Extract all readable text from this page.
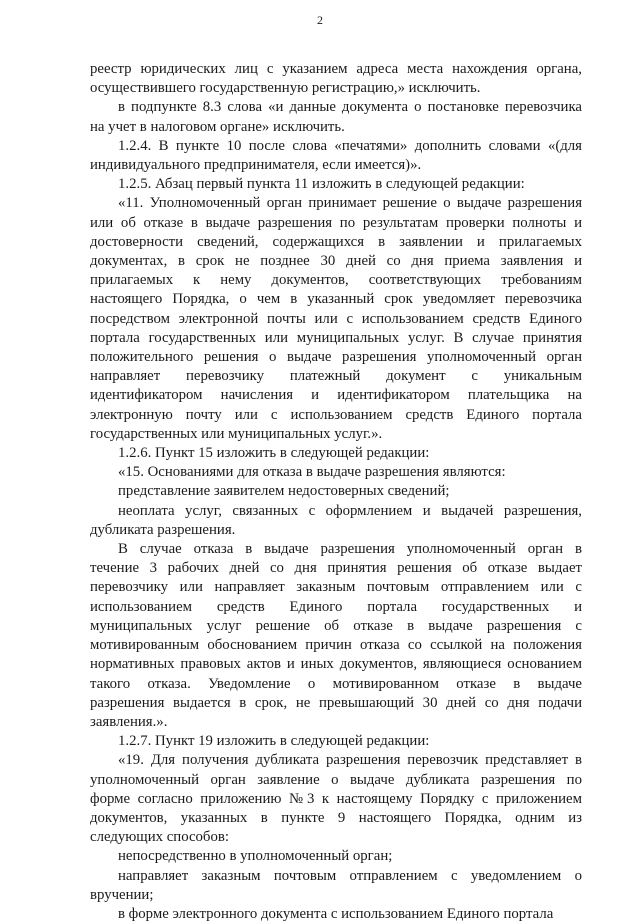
2
реестр юридических лиц с указанием адреса места нахождения органа,
осуществившего государственную регистрацию,» исключить.
в подпункте 8.3 слова «и данные документа о постановке перевозчика
на учет в налоговом органе» исключить.
1.2.4. В пункте 10 после слова «печатями» дополнить словами «(для
индивидуального предпринимателя, если имеется)».
1.2.5. Абзац первый пункта 11 изложить в следующей редакции:
«11. Уполномоченный орган принимает решение о выдаче разрешения
или об отказе в выдаче разрешения по результатам проверки полноты и
достоверности сведений, содержащихся в заявлении и прилагаемых
документах, в срок не позднее 30 дней со дня приема заявления и
прилагаемых к нему документов, соответствующих требованиям
настоящего Порядка, о чем в указанный срок уведомляет перевозчика
посредством электронной почты или с использованием средств Единого
портала государственных или муниципальных услуг. В случае принятия
положительного решения о выдаче разрешения уполномоченный орган
направляет перевозчику платежный документ с уникальным
идентификатором начисления и идентификатором плательщика на
электронную почту или с использованием средств Единого портала
государственных или муниципальных услуг.».
1.2.6. Пункт 15 изложить в следующей редакции:
«15. Основаниями для отказа в выдаче разрешения являются:
представление заявителем недостоверных сведений;
неоплата услуг, связанных с оформлением и выдачей разрешения,
дубликата разрешения.
В случае отказа в выдаче разрешения уполномоченный орган в
течение 3 рабочих дней со дня принятия решения об отказе выдает
перевозчику или направляет заказным почтовым отправлением или с
использованием средств Единого портала государственных и
муниципальных услуг решение об отказе в выдаче разрешения с
мотивированным обоснованием причин отказа со ссылкой на положения
нормативных правовых актов и иных документов, являющиеся основанием
такого отказа. Уведомление о мотивированном отказе в выдаче
разрешения выдается в срок, не превышающий 30 дней со дня подачи
заявления.».
1.2.7. Пункт 19 изложить в следующей редакции:
«19. Для получения дубликата разрешения перевозчик представляет в
уполномоченный орган заявление о выдаче дубликата разрешения по
форме согласно приложению №3 к настоящему Порядку с приложением
документов, указанных в пункте 9 настоящего Порядка, одним из
следующих способов:
непосредственно в уполномоченный орган;
направляет заказным почтовым отправлением с уведомлением о
вручении;
в форме электронного документа с использованием Единого портала
